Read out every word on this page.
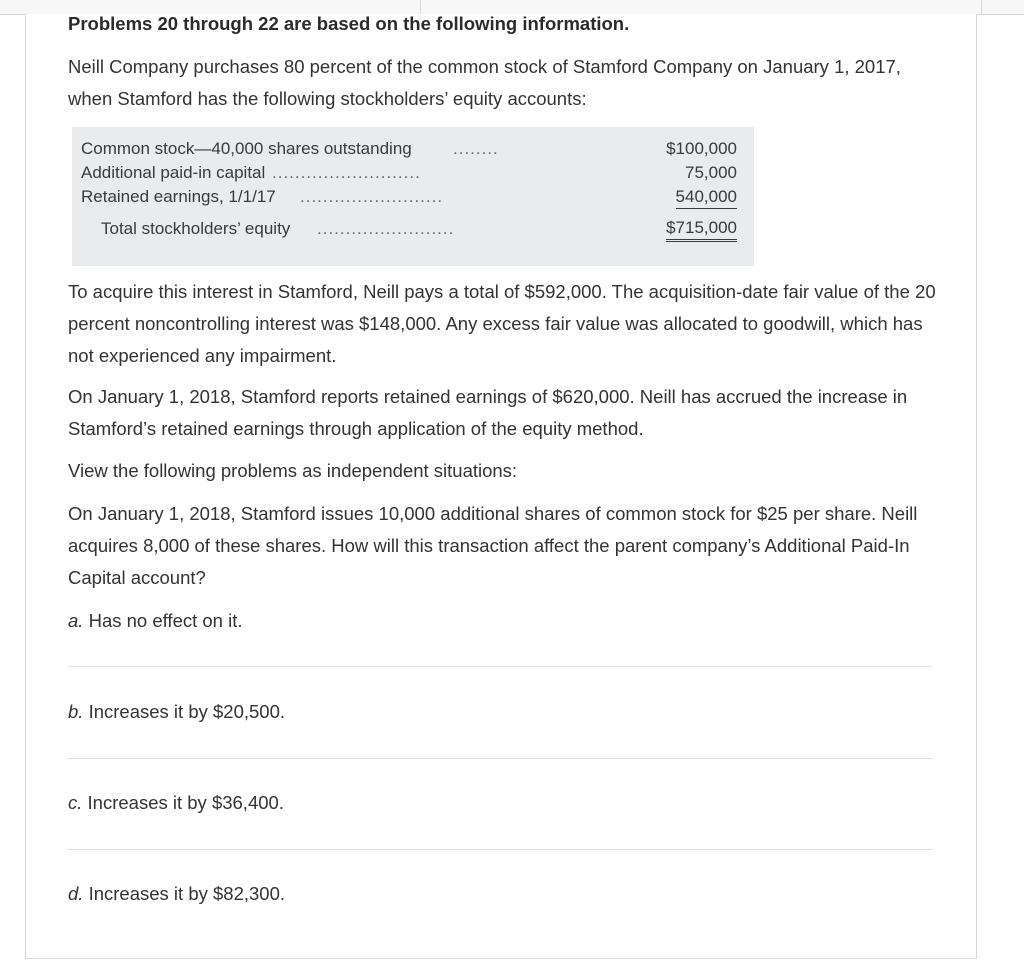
Problems 20 through 22 are based on the following information.

Neill Company purchases 80 percent of the common stock of Stamford Company on January 1, 2017, when Stamford has the following stockholders’ equity accounts:

Common stock—40,000 shares outstanding ........
Additional paid-in capital ..........................
Retained earnings, 1/1/17 .........................
Total stockholders’ equity ........................
$100,000
75,000
540,000
$715,000

To acquire this interest in Stamford, Neill pays a total of $592,000. The acquisition-date fair value of the 20 percent noncontrolling interest was $148,000. Any excess fair value was allocated to goodwill, which has not experienced any impairment.

On January 1, 2018, Stamford reports retained earnings of $620,000. Neill has accrued the increase in Stamford’s retained earnings through application of the equity method.

View the following problems as independent situations:

On January 1, 2018, Stamford issues 10,000 additional shares of common stock for $25 per share. Neill acquires 8,000 of these shares. How will this transaction affect the parent company’s Additional Paid-In Capital account?

a. Has no effect on it.

b. Increases it by $20,500.

c. Increases it by $36,400.

d. Increases it by $82,300.
